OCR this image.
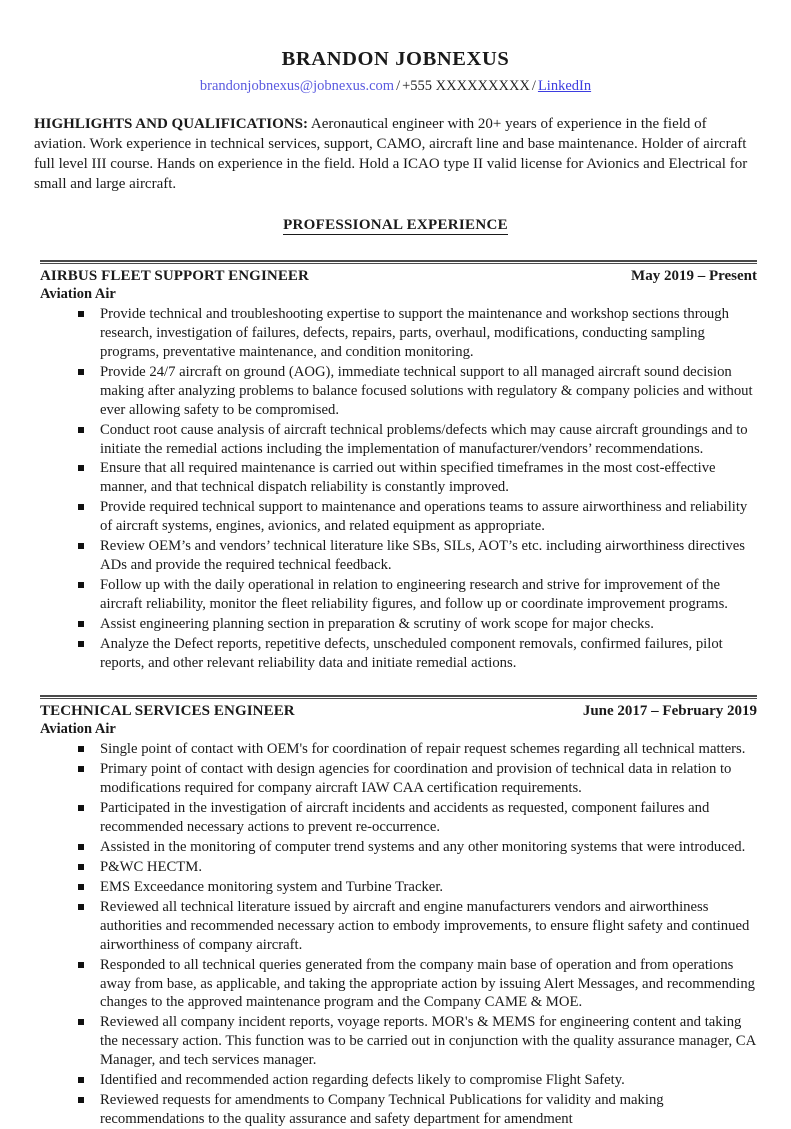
BRANDON JOBNEXUS
brandonjobnexus@jobnexus.com / +555 XXXXXXXXX / LinkedIn

HIGHLIGHTS AND QUALIFICATIONS: Aeronautical engineer with 20+ years of experience in the field of aviation. Work experience in technical services, support, CAMO, aircraft line and base maintenance. Holder of aircraft full level III course. Hands on experience in the field. Hold a ICAO type II valid license for Avionics and Electrical for small and large aircraft.

PROFESSIONAL EXPERIENCE
AIRBUS FLEET SUPPORT ENGINEER	May 2019 – Present
Aviation Air
Provide technical and troubleshooting expertise to support the maintenance and workshop sections through research, investigation of failures, defects, repairs, parts, overhaul, modifications, conducting sampling programs, preventative maintenance, and condition monitoring.
Provide 24/7 aircraft on ground (AOG), immediate technical support to all managed aircraft sound decision making after analyzing problems to balance focused solutions with regulatory & company policies and without ever allowing safety to be compromised.
Conduct root cause analysis of aircraft technical problems/defects which may cause aircraft groundings and to initiate the remedial actions including the implementation of manufacturer/vendors’ recommendations.
Ensure that all required maintenance is carried out within specified timeframes in the most cost-effective manner, and that technical dispatch reliability is constantly improved.
Provide required technical support to maintenance and operations teams to assure airworthiness and reliability of aircraft systems, engines, avionics, and related equipment as appropriate.
Review OEM’s and vendors’ technical literature like SBs, SILs, AOT’s etc. including airworthiness directives ADs and provide the required technical feedback.
Follow up with the daily operational in relation to engineering research and strive for improvement of the aircraft reliability, monitor the fleet reliability figures, and follow up or coordinate improvement programs.
Assist engineering planning section in preparation & scrutiny of work scope for major checks.
Analyze the Defect reports, repetitive defects, unscheduled component removals, confirmed failures, pilot reports, and other relevant reliability data and initiate remedial actions.
TECHNICAL SERVICES ENGINEER	June 2017 – February 2019
Aviation Air
Single point of contact with OEM's for coordination of repair request schemes regarding all technical matters.
Primary point of contact with design agencies for coordination and provision of technical data in relation to modifications required for company aircraft IAW CAA certification requirements.
Participated in the investigation of aircraft incidents and accidents as requested, component failures and recommended necessary actions to prevent re-occurrence.
Assisted in the monitoring of computer trend systems and any other monitoring systems that were introduced.
P&WC HECTM.
EMS Exceedance monitoring system and Turbine Tracker.
Reviewed all technical literature issued by aircraft and engine manufacturers vendors and airworthiness authorities and recommended necessary action to embody improvements, to ensure flight safety and continued airworthiness of company aircraft.
Responded to all technical queries generated from the company main base of operation and from operations away from base, as applicable, and taking the appropriate action by issuing Alert Messages, and recommending changes to the approved maintenance program and the Company CAME & MOE.
Reviewed all company incident reports, voyage reports. MOR's & MEMS for engineering content and taking the necessary action. This function was to be carried out in conjunction with the quality assurance manager, CA Manager, and tech services manager.
Identified and recommended action regarding defects likely to compromise Flight Safety.
Reviewed requests for amendments to Company Technical Publications for validity and making recommendations to the quality assurance and safety department for amendment
